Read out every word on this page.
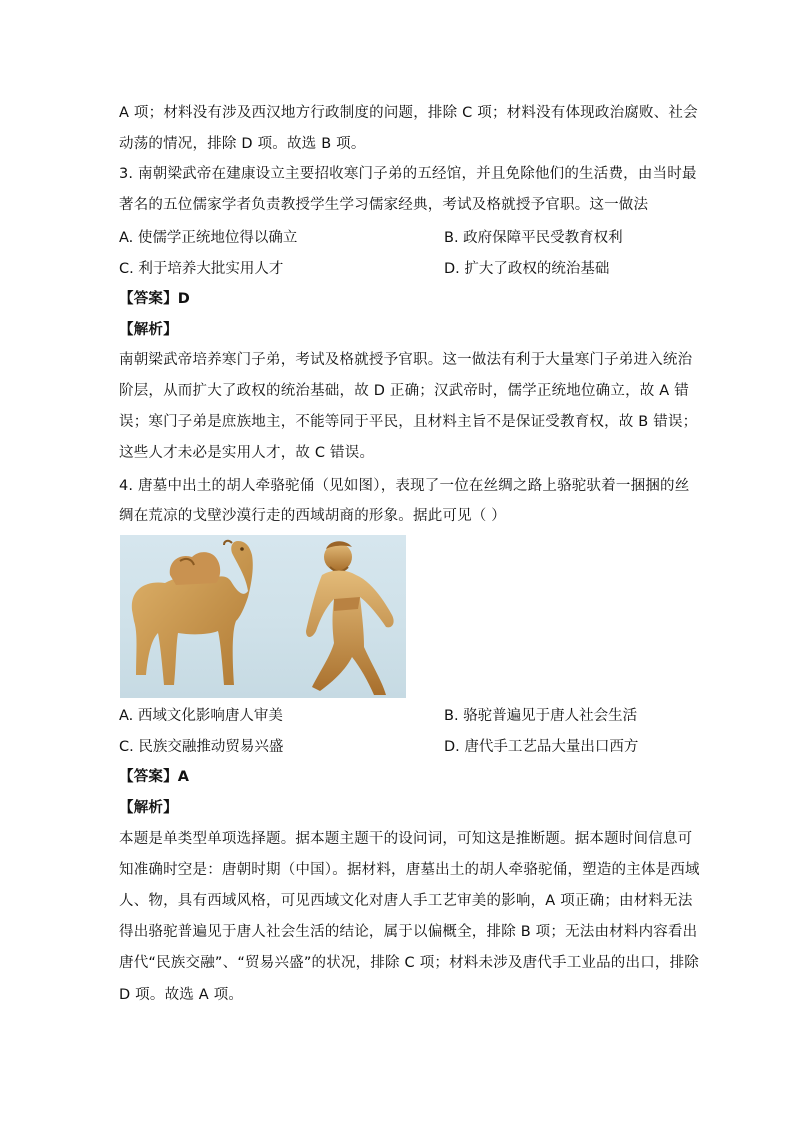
A 项；材料没有涉及西汉地方行政制度的问题，排除 C 项；材料没有体现政治腐败、社会
动荡的情况，排除 D 项。故选 B 项。
3. 南朝梁武帝在建康设立主要招收寒门子弟的五经馆，并且免除他们的生活费，由当时最
著名的五位儒家学者负责教授学生学习儒家经典，考试及格就授予官职。这一做法
A. 使儒学正统地位得以确立	B. 政府保障平民受教育权利
C. 利于培养大批实用人才	D. 扩大了政权的统治基础
【答案】D
【解析】
南朝梁武帝培养寒门子弟，考试及格就授予官职。这一做法有利于大量寒门子弟进入统治
阶层，从而扩大了政权的统治基础，故 D 正确；汉武帝时，儒学正统地位确立，故 A 错
误；寒门子弟是庶族地主，不能等同于平民，且材料主旨不是保证受教育权，故 B 错误；
这些人才未必是实用人才，故 C 错误。
4. 唐墓中出土的胡人牵骆驼俑（见如图），表现了一位在丝绸之路上骆驼驮着一捆捆的丝
绸在荒凉的戈壁沙漠行走的西域胡商的形象。据此可见（ ）
A. 西域文化影响唐人审美	B. 骆驼普遍见于唐人社会生活
C. 民族交融推动贸易兴盛	D. 唐代手工艺品大量出口西方
【答案】A
【解析】
本题是单类型单项选择题。据本题主题干的设问词，可知这是推断题。据本题时间信息可
知准确时空是：唐朝时期（中国）。据材料，唐墓出土的胡人牵骆驼俑，塑造的主体是西域
人、物，具有西域风格，可见西域文化对唐人手工艺审美的影响，A 项正确；由材料无法
得出骆驼普遍见于唐人社会生活的结论，属于以偏概全，排除 B 项；无法由材料内容看出
唐代“民族交融”、“贸易兴盛”的状况，排除 C 项；材料未涉及唐代手工业品的出口，排除
D 项。故选 A 项。
